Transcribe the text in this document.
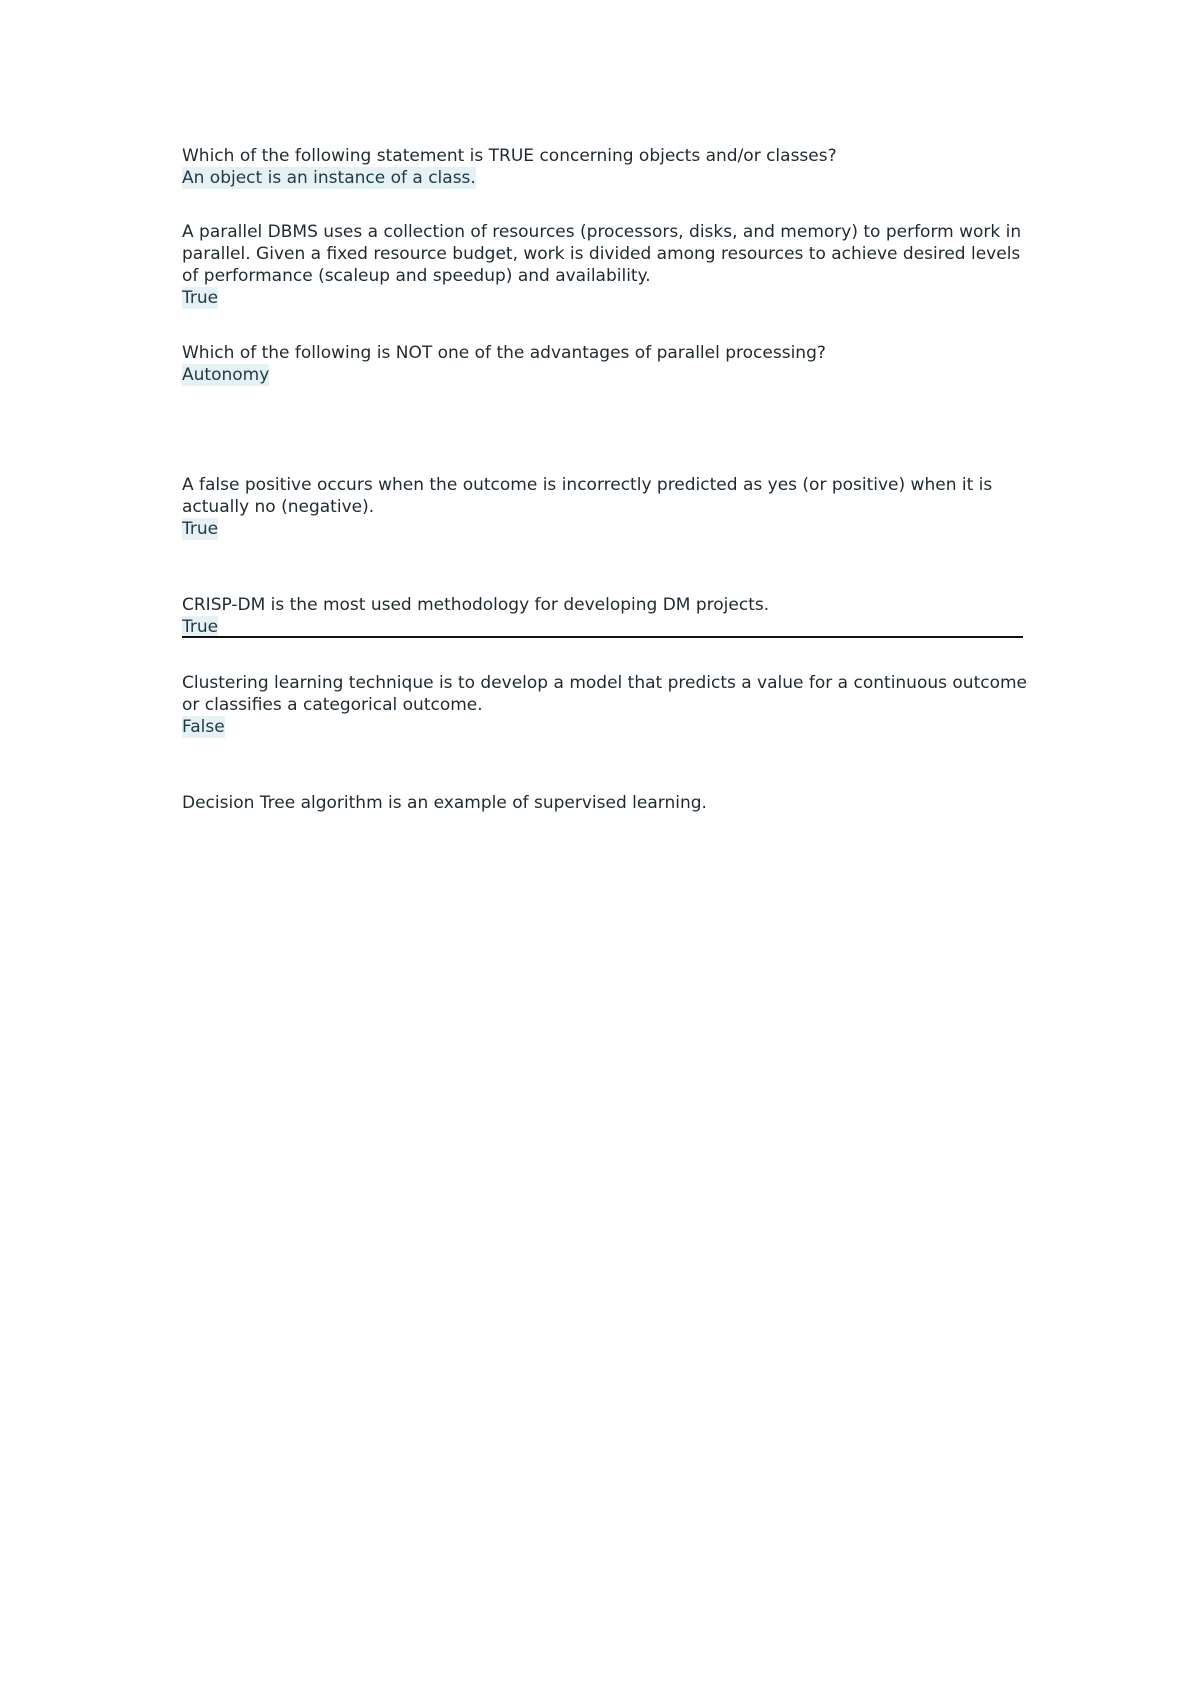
Which of the following statement is TRUE concerning objects and/or classes?
An object is an instance of a class.
A parallel DBMS uses a collection of resources (processors, disks, and memory) to perform work in parallel. Given a fixed resource budget, work is divided among resources to achieve desired levels of performance (scaleup and speedup) and availability.
True
Which of the following is NOT one of the advantages of parallel processing?
Autonomy
A false positive occurs when the outcome is incorrectly predicted as yes (or positive) when it is actually no (negative).
True
CRISP-DM is the most used methodology for developing DM projects.
True
Clustering learning technique is to develop a model that predicts a value for a continuous outcome or classifies a categorical outcome.
False
Decision Tree algorithm is an example of supervised learning.
